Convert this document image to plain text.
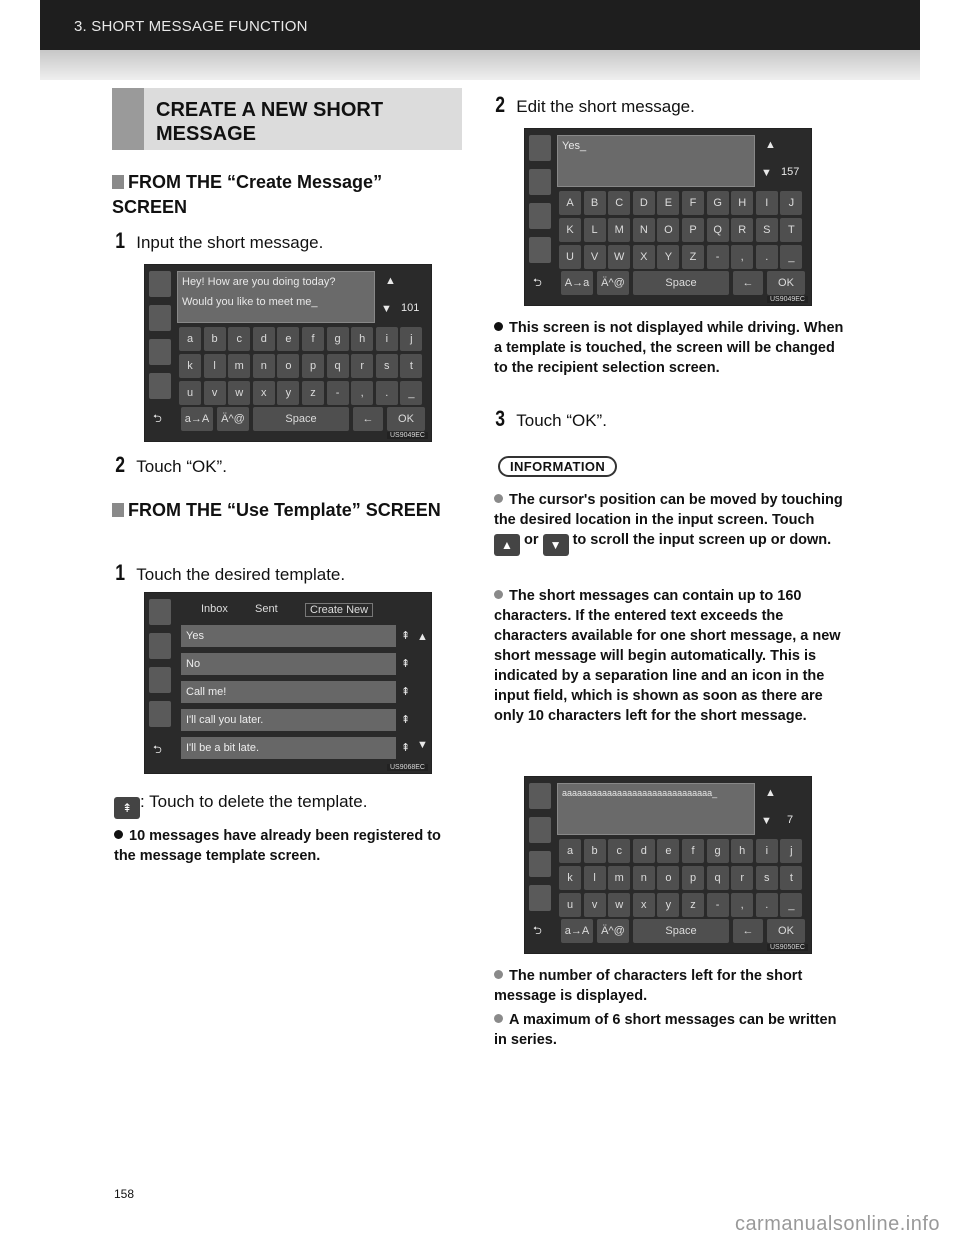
3. SHORT MESSAGE FUNCTION
CREATE A NEW SHORT MESSAGE
FROM THE “Create Message” SCREEN
1 Input the short message.
Hey! How are you doing today?
Would you like to meet me_
▲
▼ 101
⮌	a→A	Ä^@	Space	←	OK
US9049EC
a	b	c	d	e	f	g	h	i	j
k	l	m	n	o	p	q	r	s	t
u	v	w	x	y	z	-	,	.	_
2 Touch “OK”.
FROM THE “Use Template” SCREEN
1 Touch the desired template.
Inbox Sent	Create New
Yes
No
Call me!
I'll call you later.
I'll be a bit late.
⇞
⇞
⇞
⇞
⇞
▲
▼
⮌
US9068EC
⇞ : Touch to delete the template.
10 messages have already been registered to the message template screen.
2 Edit the short message.
Yes_	▲
▼ 157
⮌	A→a	Ä^@	Space	←	OK
US9049EC
A	B	C	D	E	F	G	H	I	J
K	L	M	N	O	P	Q	R	S	T
U	V	W	X	Y	Z	-	,	.	_
This screen is not displayed while driving. When a template is touched, the screen will be changed to the recipient selection screen.
3 Touch “OK”.
INFORMATION
The cursor's position can be moved by touching the desired location in the input screen. Touch ▲ or ▼ to scroll the input screen up or down.
The short messages can contain up to 160 characters. If the entered text exceeds the characters available for one short message, a new short message will begin automatically. This is indicated by a separation line and an icon in the input field, which is shown as soon as there are only 10 characters left for the short message.
aaaaaaaaaaaaaaaaaaaaaaaaaaaaaa_	▲
▼ 7
⮌	a→A	Ä^@	Space	←	OK
US9050EC
a	b	c	d	e	f	g	h	i	j
k	l	m	n	o	p	q	r	s	t
u	v	w	x	y	z	-	,	.	_
The number of characters left for the short message is displayed.
A maximum of 6 short messages can be written in series.
158
carmanualsonline.info
